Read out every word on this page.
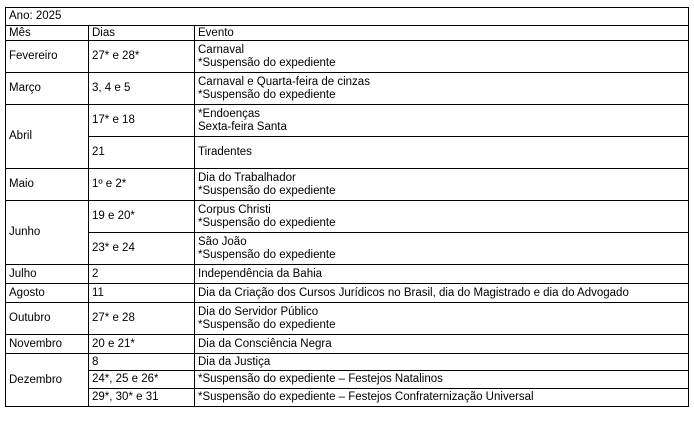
Ano: 2025		
Mês	Dias	Evento
Fevereiro	27* e 28*	Carnaval
*Suspensão do expediente

Março	3, 4 e 5	Carnaval e Quarta-feira de cinzas
*Suspensão do expediente

Abril	17* e 18	*Endoenças
Sexta-feira Santa

	21	Tiradentes

Maio	1º e 2*	Dia do Trabalhador
*Suspensão do expediente

Junho	19 e 20*	Corpus Christi
*Suspensão do expediente

	23* e 24	São João
*Suspensão do expediente

Julho	2	Independência da Bahia

Agosto	11	Dia da Criação dos Cursos Jurídicos no Brasil, dia do Magistrado e dia do Advogado

Outubro	27* e 28	Dia do Servidor Público
*Suspensão do expediente

Novembro	20 e 21*	Dia da Consciência Negra

Dezembro	8	Dia da Justiça

	24*, 25 e 26*	*Suspensão do expediente – Festejos Natalinos

	29*, 30* e 31	*Suspensão do expediente – Festejos Confraternização Universal
